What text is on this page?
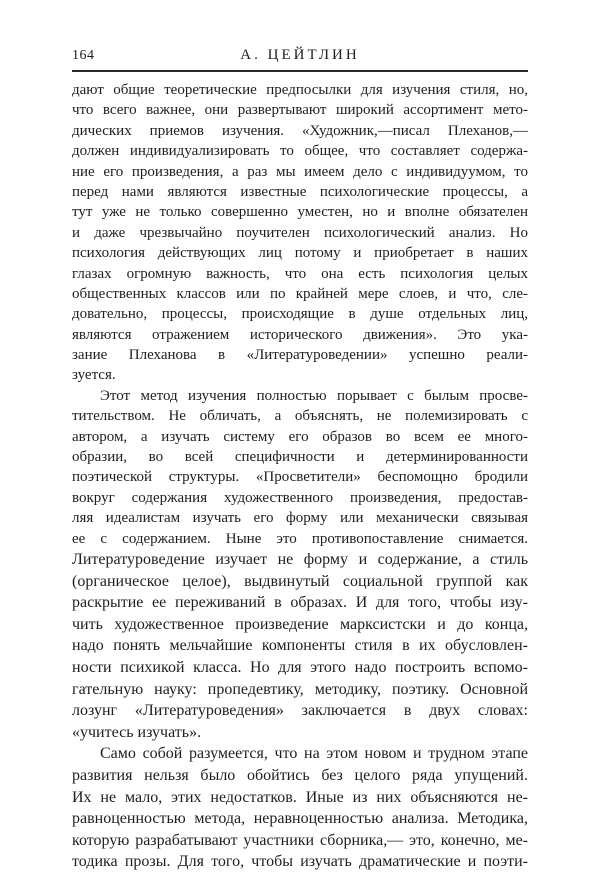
164	А. ЦЕЙТЛИН
дают общие теоретические предпосылки для изучения стиля, но,
что всего важнее, они развертывают широкий ассортимент мето-
дических приемов изучения. «Художник,—писал Плеханов,—
должен индивидуализировать то общее, что составляет содержа-
ние его произведения, а раз мы имеем дело с индивидуумом, то
перед нами являются известные психологические процессы, а
тут уже не только совершенно уместен, но и вполне обязателен
и даже чрезвычайно поучителен психологический анализ. Но
психология действующих лиц потому и приобретает в наших
глазах огромную важность, что она есть психология целых
общественных классов или по крайней мере слоев, и что, сле-
довательно, процессы, происходящие в душе отдельных лиц,
являются отражением исторического движения». Это ука-
зание Плеханова в «Литературоведении» успешно реали-
зуется.
Этот метод изучения полностью порывает с былым просве-
тительством. Не обличать, а объяснять, не полемизировать с
автором, а изучать систему его образов во всем ее много-
образии, во всей специфичности и детерминированности
поэтической структуры. «Просветители» беспомощно бродили
вокруг содержания художественного произведения, предостав-
ляя идеалистам изучать его форму или механически связывая
ее с содержанием. Ныне это противопоставление снимается.
Литературоведение изучает не форму и содержание, а стиль
(органическое целое), выдвинутый социальной группой как
раскрытие ее переживаний в образах. И для того, чтобы изу-
чить художественное произведение марксистски и до конца,
надо понять мельчайшие компоненты стиля в их обусловлен-
ности психикой класса. Но для этого надо построить вспомо-
гательную науку: пропедевтику, методику, поэтику. Основной
лозунг «Литературоведения» заключается в двух словах:
«учитесь изучать».
Само собой разумеется, что на этом новом и трудном этапе
развития нельзя было обойтись без целого ряда упущений.
Их не мало, этих недостатков. Иные из них объясняются не-
равноценностью метода, неравноценностью анализа. Методика,
которую разрабатывают участники сборника,— это, конечно, ме-
тодика прозы. Для того, чтобы изучать драматические и поэти-
